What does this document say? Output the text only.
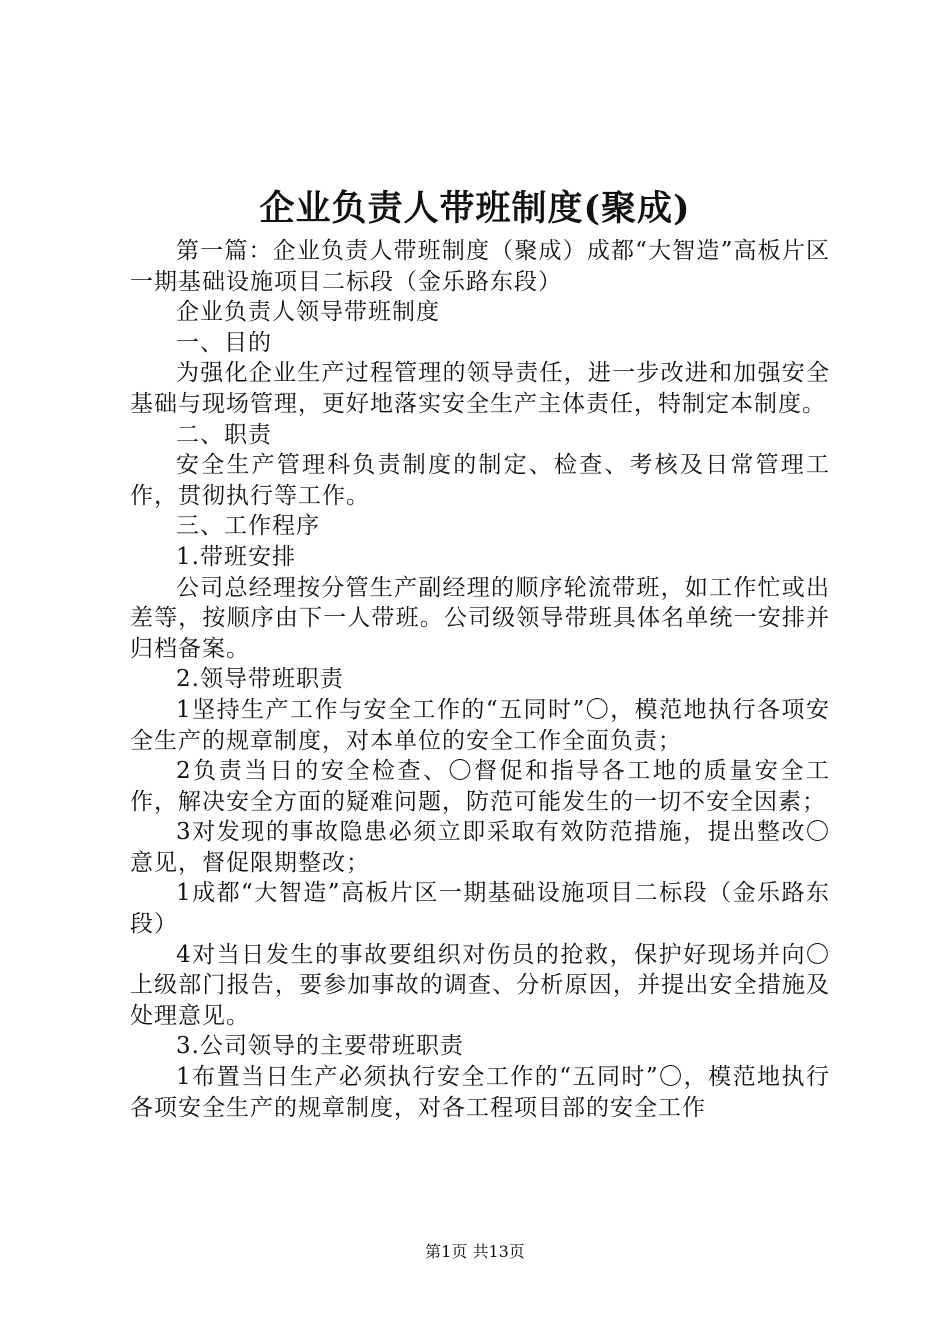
企业负责人带班制度(聚成)

第一篇：企业负责人带班制度（聚成）成都“大智造”高板片区一期基础设施项目二标段（金乐路东段）

企业负责人领导带班制度

一、目的

为强化企业生产过程管理的领导责任，进一步改进和加强安全基础与现场管理，更好地落实安全生产主体责任，特制定本制度。

二、职责

安全生产管理科负责制度的制定、检查、考核及日常管理工作，贯彻执行等工作。

三、工作程序

1.带班安排

公司总经理按分管生产副经理的顺序轮流带班，如工作忙或出差等，按顺序由下一人带班。公司级领导带班具体名单统一安排并归档备案。

2.领导带班职责

1坚持生产工作与安全工作的“五同时”〇，模范地执行各项安全生产的规章制度，对本单位的安全工作全面负责；

2负责当日的安全检查、〇督促和指导各工地的质量安全工作，解决安全方面的疑难问题，防范可能发生的一切不安全因素；

3对发现的事故隐患必须立即采取有效防范措施，提出整改〇意见，督促限期整改；

1成都“大智造”高板片区一期基础设施项目二标段（金乐路东段）

4对当日发生的事故要组织对伤员的抢救，保护好现场并向〇上级部门报告，要参加事故的调查、分析原因，并提出安全措施及处理意见。

3.公司领导的主要带班职责

1布置当日生产必须执行安全工作的“五同时”〇，模范地执行各项安全生产的规章制度，对各工程项目部的安全工作

第1页 共13页
